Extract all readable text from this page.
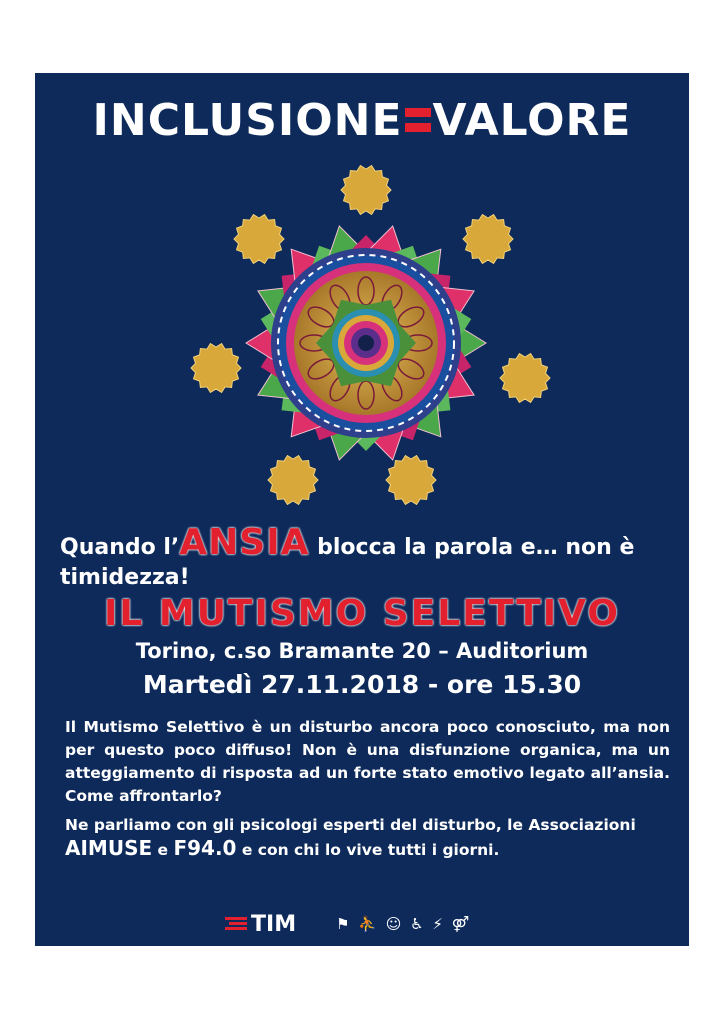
INCLUSIONE VALORE
Quando l’ANSIA blocca la parola e… non è timidezza!
IL MUTISMO SELETTIVO
Torino, c.so Bramante 20 – Auditorium
Martedì 27.11.2018 - ore 15.30

Il Mutismo Selettivo è un disturbo ancora poco conosciuto, ma non per questo poco diffuso! Non è una disfunzione organica, ma un atteggiamento di risposta ad un forte stato emotivo legato all’ansia. Come affrontarlo?

Ne parliamo con gli psicologi esperti del disturbo, le Associazioni
AIMUSE e F94.0 e con chi lo vive tutti i giorni.

TIM	⚑ ⛹ ☺ ♿ ⚡ ⚤
